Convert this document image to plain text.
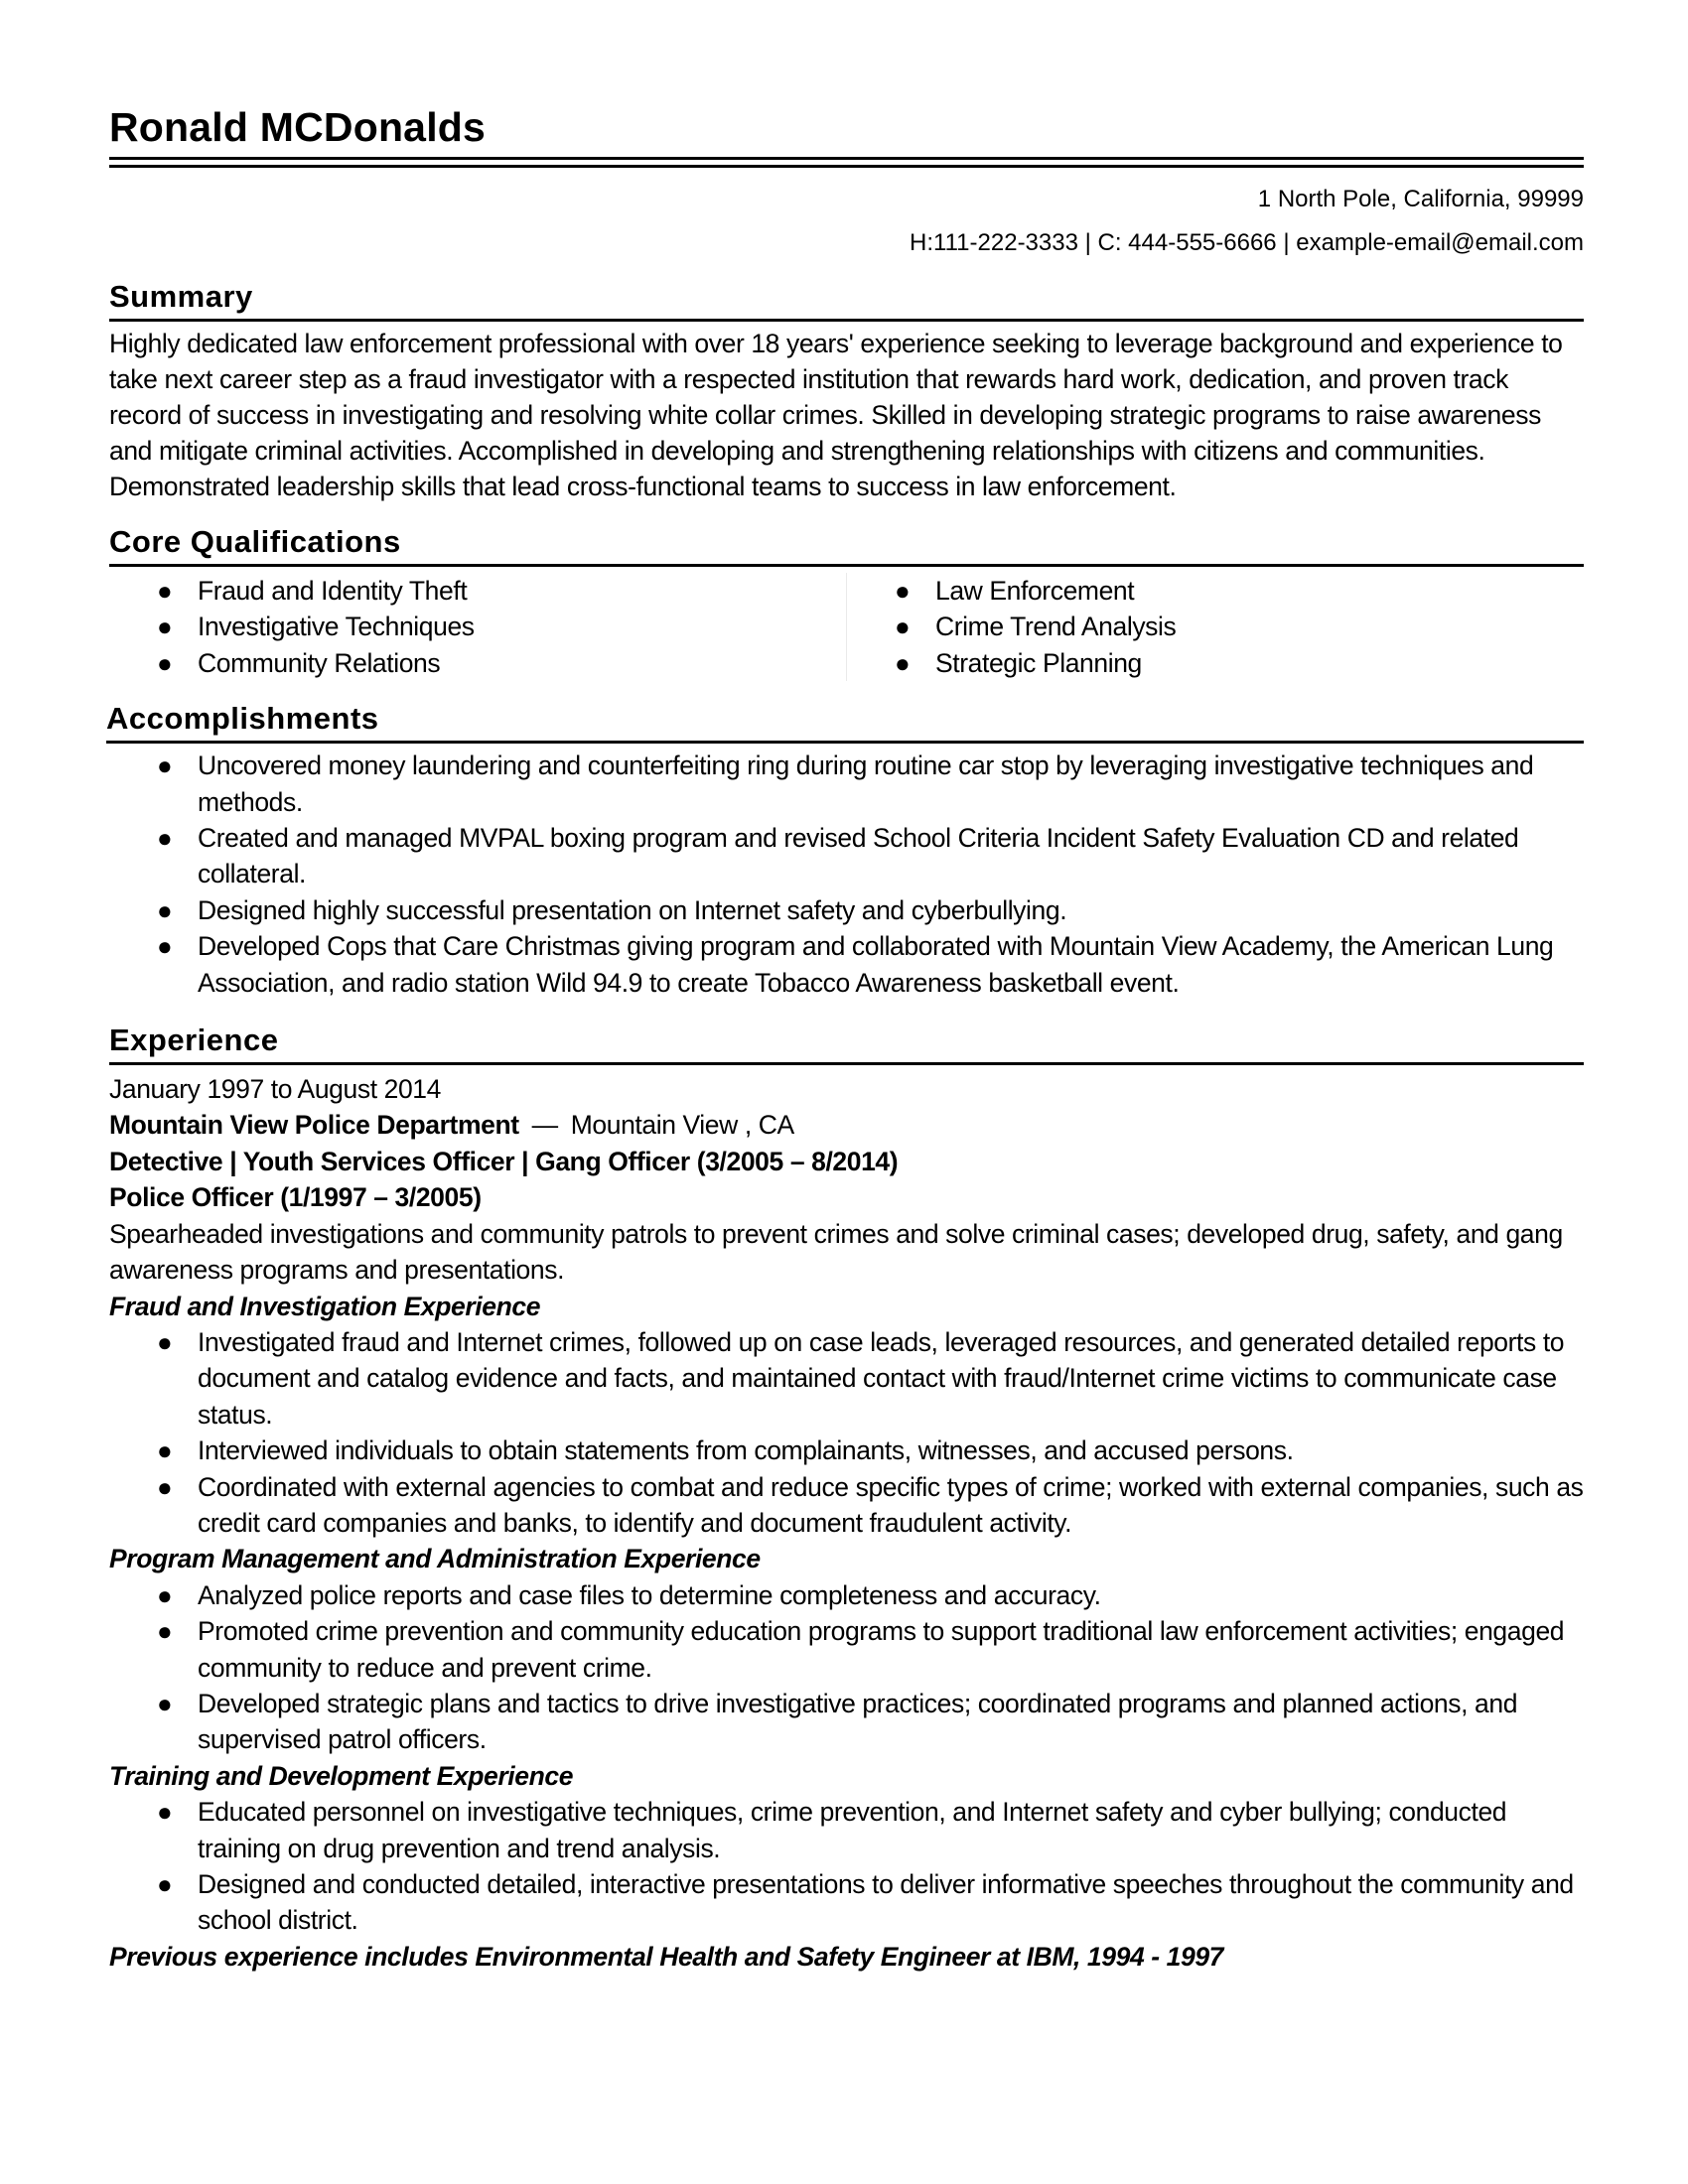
Ronald MCDonalds
1 North Pole, California, 99999
H:111-222-3333 | C: 444-555-6666 | example-email@email.com
Summary
Highly dedicated law enforcement professional with over 18 years' experience seeking to leverage background and experience to take next career step as a fraud investigator with a respected institution that rewards hard work, dedication, and proven track record of success in investigating and resolving white collar crimes. Skilled in developing strategic programs to raise awareness and mitigate criminal activities. Accomplished in developing and strengthening relationships with citizens and communities. Demonstrated leadership skills that lead cross-functional teams to success in law enforcement.
Core Qualifications
● Fraud and Identity Theft
● Investigative Techniques
● Community Relations
● Law Enforcement
● Crime Trend Analysis
● Strategic Planning
Accomplishments
● Uncovered money laundering and counterfeiting ring during routine car stop by leveraging investigative techniques and methods.
● Created and managed MVPAL boxing program and revised School Criteria Incident Safety Evaluation CD and related collateral.
● Designed highly successful presentation on Internet safety and cyberbullying.
● Developed Cops that Care Christmas giving program and collaborated with Mountain View Academy, the American Lung Association, and radio station Wild 94.9 to create Tobacco Awareness basketball event.
Experience
January 1997 to August 2014
Mountain View Police Department — Mountain View , CA
Detective | Youth Services Officer | Gang Officer (3/2005 – 8/2014)
Police Officer (1/1997 – 3/2005)
Spearheaded investigations and community patrols to prevent crimes and solve criminal cases; developed drug, safety, and gang awareness programs and presentations.
Fraud and Investigation Experience
● Investigated fraud and Internet crimes, followed up on case leads, leveraged resources, and generated detailed reports to document and catalog evidence and facts, and maintained contact with fraud/Internet crime victims to communicate case status.
● Interviewed individuals to obtain statements from complainants, witnesses, and accused persons.
● Coordinated with external agencies to combat and reduce specific types of crime; worked with external companies, such as credit card companies and banks, to identify and document fraudulent activity.
Program Management and Administration Experience
● Analyzed police reports and case files to determine completeness and accuracy.
● Promoted crime prevention and community education programs to support traditional law enforcement activities; engaged community to reduce and prevent crime.
● Developed strategic plans and tactics to drive investigative practices; coordinated programs and planned actions, and supervised patrol officers.
Training and Development Experience
● Educated personnel on investigative techniques, crime prevention, and Internet safety and cyber bullying; conducted training on drug prevention and trend analysis.
● Designed and conducted detailed, interactive presentations to deliver informative speeches throughout the community and school district.
Previous experience includes Environmental Health and Safety Engineer at IBM, 1994 - 1997
